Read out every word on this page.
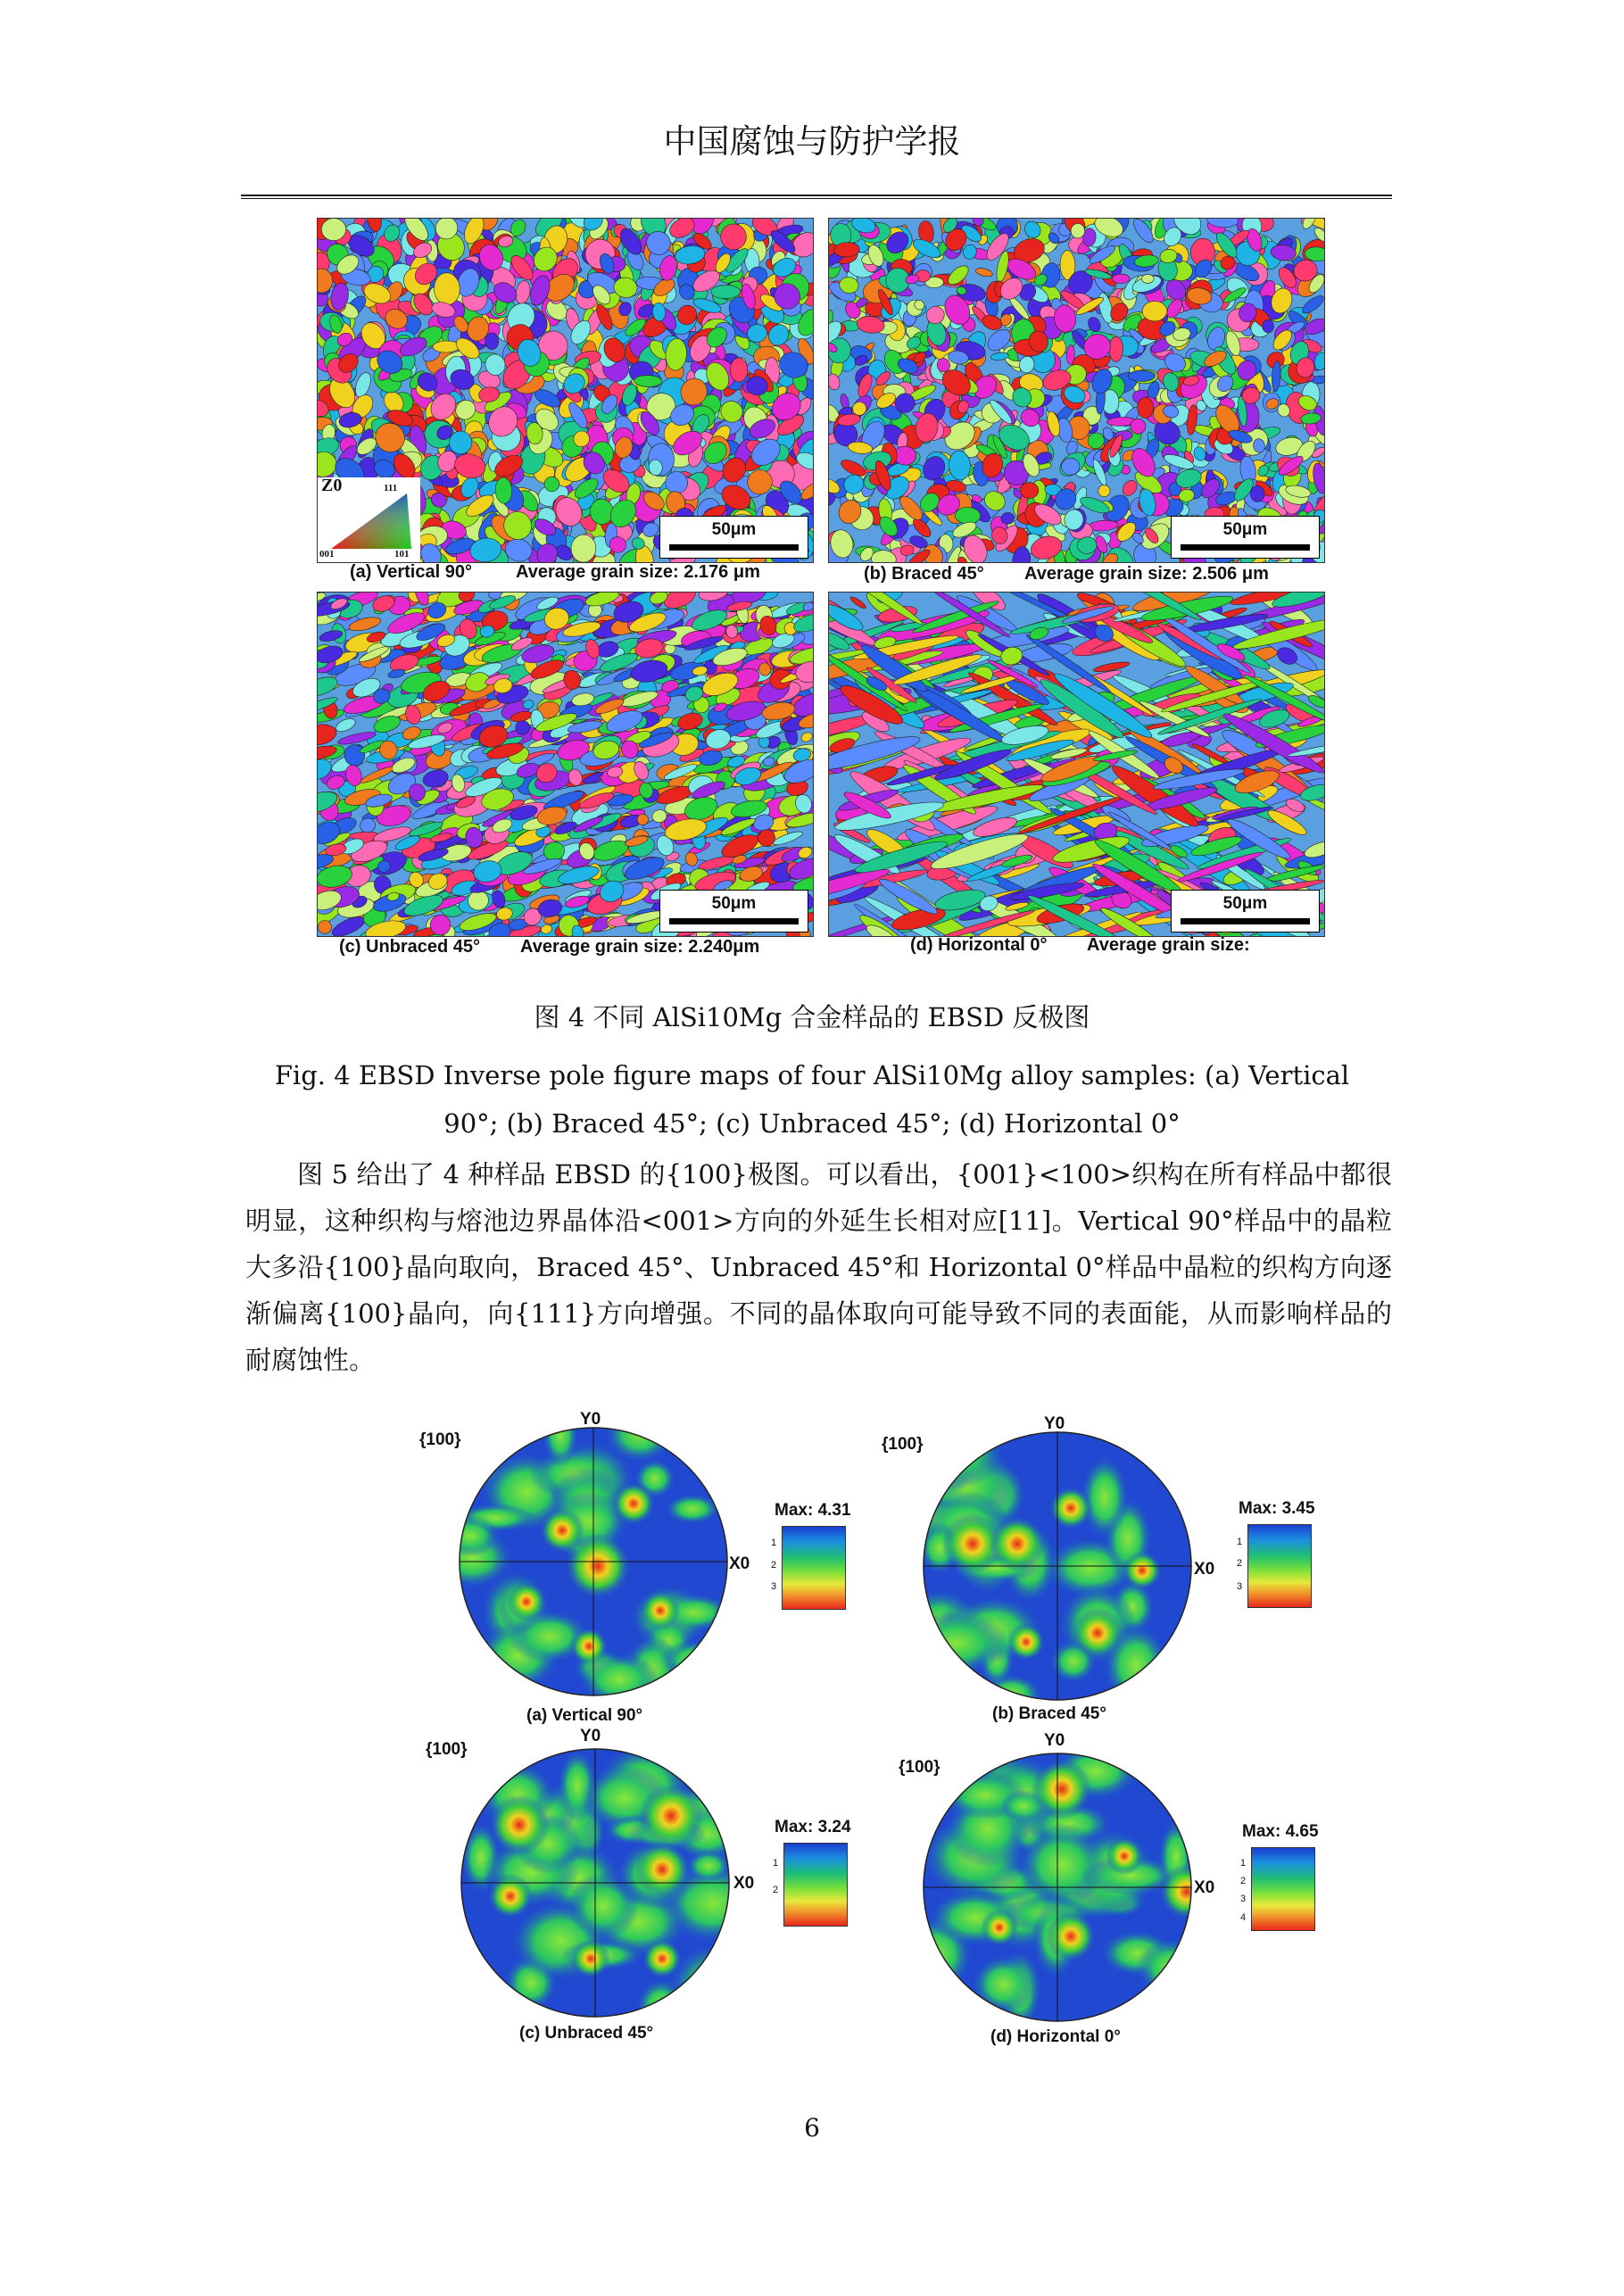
中国腐蚀与防护学报
Z0	111
001	101
50μm	50μm
50μm	50μm
(a) Vertical 90° Average grain size: 2.176 μm	(b) Braced 45° Average grain size: 2.506 μm
(c) Unbraced 45° Average grain size: 2.240μm	(d) Horizontal 0° Average grain size:
图 4 不同 AlSi10Mg 合金样品的 EBSD 反极图
Fig. 4 EBSD Inverse pole figure maps of four AlSi10Mg alloy samples: (a) Vertical 90°; (b) Braced 45°; (c) Unbraced 45°; (d) Horizontal 0°
图 5 给出了 4 种样品 EBSD 的{100}极图。可以看出，{001}<100>织构在所有样品中都很明显，这种织构与熔池边界晶体沿<001>方向的外延生长相对应[11]。Vertical 90°样品中的晶粒大多沿{100}晶向取向，Braced 45°、Unbraced 45°和 Horizontal 0°样品中晶粒的织构方向逐渐偏离{100}晶向，向{111}方向增强。不同的晶体取向可能导致不同的表面能，从而影响样品的耐腐蚀性。
{100}
Y0
X0
Max: 4.31
1
2
3
(a) Vertical 90°
{100}
Y0
X0
Max: 3.45
1
2
3
(b) Braced 45°
{100}
Y0
X0
Max: 3.24
1
2
(c) Unbraced 45°
{100}
Y0
X0
Max: 4.65
1
2
3
4
(d) Horizontal 0°
6
